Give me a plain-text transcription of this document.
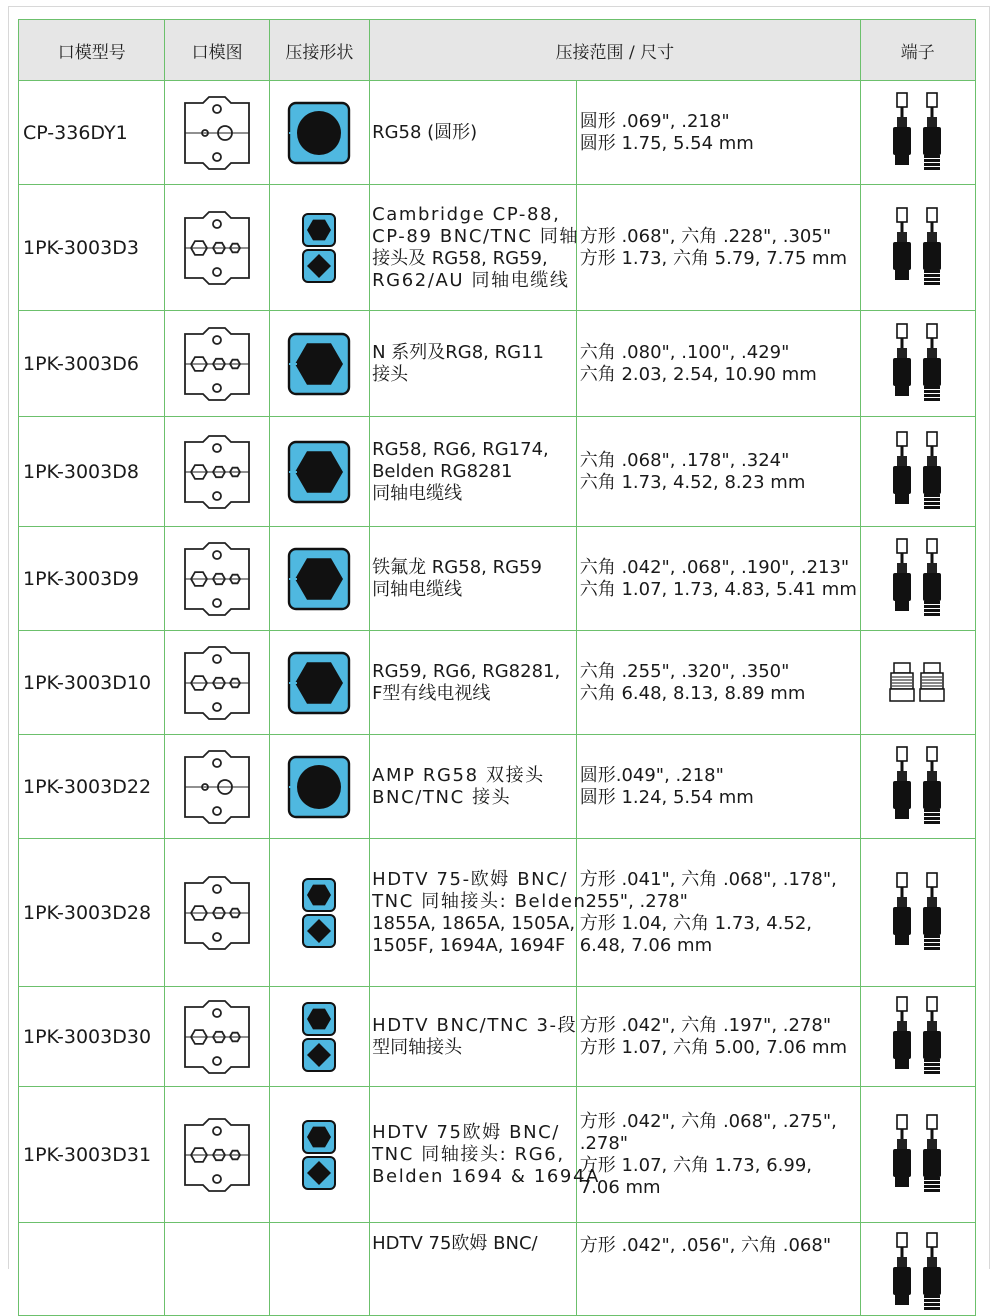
口模型号	口模图	压接形状	压接范围 / 尺寸		端子

CP-336DY1			RG58 (圆形)	圆形 .069", .218"
圆形 1.75, 5.54 mm

1PK-3003D3			Cambridge CP-88,
CP-89 BNC/TNC 同轴
接头及 RG58, RG59,
RG62/AU 同轴电缆线	方形 .068", 六角 .228", .305"
方形 1.73, 六角 5.79, 7.75 mm

1PK-3003D6			N 系列及RG8, RG11
接头	六角 .080", .100", .429"
六角 2.03, 2.54, 10.90 mm

1PK-3003D8			RG58, RG6, RG174,
Belden RG8281
同轴电缆线	六角 .068", .178", .324"
六角 1.73, 4.52, 8.23 mm

1PK-3003D9			铁氟龙 RG58, RG59
同轴电缆线	六角 .042", .068", .190", .213"
六角 1.07, 1.73, 4.83, 5.41 mm

1PK-3003D10			RG59, RG6, RG8281,
F型有线电视线	六角 .255", .320", .350"
六角 6.48, 8.13, 8.89 mm

1PK-3003D22			AMP RG58 双接头
BNC/TNC 接头	圆形.049", .218"
圆形 1.24, 5.54 mm

1PK-3003D28			HDTV 75-欧姆 BNC/
TNC 同轴接头: Belden
1855A, 1865A, 1505A,
1505F, 1694A, 1694F	方形 .041", 六角 .068", .178",
.255", .278"
方形 1.04, 六角 1.73, 4.52,
6.48, 7.06 mm

1PK-3003D30			HDTV BNC/TNC 3-段
型同轴接头	方形 .042", 六角 .197", .278"
方形 1.07, 六角 5.00, 7.06 mm

1PK-3003D31			HDTV 75欧姆 BNC/
TNC 同轴接头: RG6,
Belden 1694 & 1694A	方形 .042", 六角 .068", .275",
.278"
方形 1.07, 六角 1.73, 6.99,
7.06 mm

			HDTV 75欧姆 BNC/	方形 .042", .056", 六角 .068"
